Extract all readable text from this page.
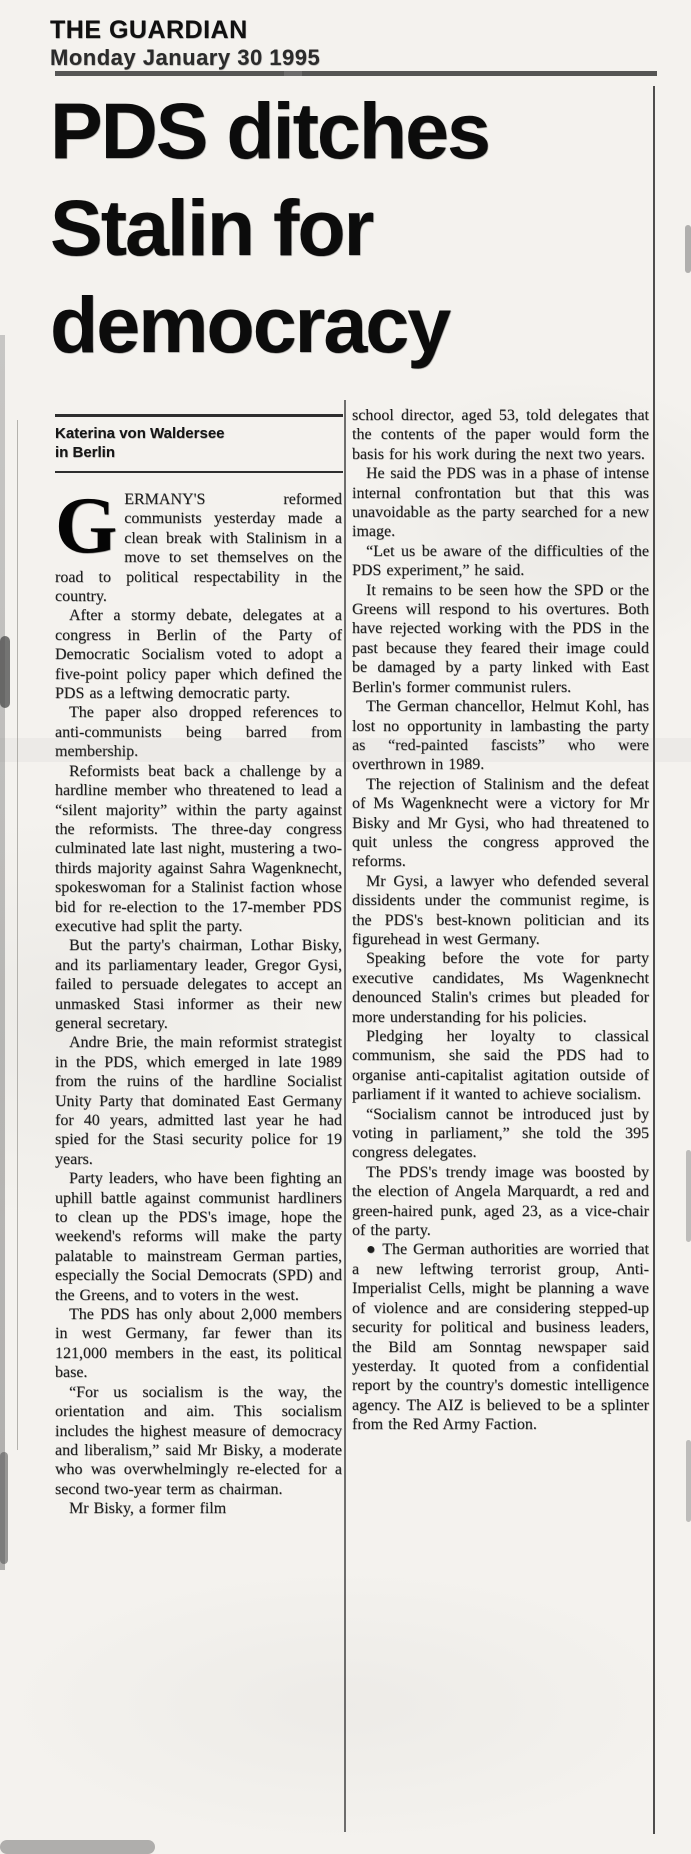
THE GUARDIAN
Monday January 30 1995
PDS ditches
Stalin for
democracy
Katerina von Waldersee
in Berlin

GERMANY'S reformed communists yesterday made a clean break with Stalinism in a move to set themselves on the road to political respectability in the country.

After a stormy debate, delegates at a congress in Berlin of the Party of Democratic Socialism voted to adopt a five-point policy paper which defined the PDS as a leftwing democratic party.

The paper also dropped references to anti-communists being barred from membership.

Reformists beat back a challenge by a hardline member who threatened to lead a “silent majority” within the party against the reformists. The three-day congress culminated late last night, mustering a two-thirds majority against Sahra Wagenknecht, spokeswoman for a Stalinist faction whose bid for re-election to the 17-member PDS executive had split the party.

But the party's chairman, Lothar Bisky, and its parliamentary leader, Gregor Gysi, failed to persuade delegates to accept an unmasked Stasi informer as their new general secretary.

Andre Brie, the main reformist strategist in the PDS, which emerged in late 1989 from the ruins of the hardline Socialist Unity Party that dominated East Germany for 40 years, admitted last year he had spied for the Stasi security police for 19 years.

Party leaders, who have been fighting an uphill battle against communist hardliners to clean up the PDS's image, hope the weekend's reforms will make the party palatable to mainstream German parties, especially the Social Democrats (SPD) and the Greens, and to voters in the west.

The PDS has only about 2,000 members in west Germany, far fewer than its 121,000 members in the east, its political base.

“For us socialism is the way, the orientation and aim. This socialism includes the highest measure of democracy and liberalism,” said Mr Bisky, a moderate who was overwhelmingly re-elected for a second two-year term as chairman.

Mr Bisky, a former film

school director, aged 53, told delegates that the contents of the paper would form the basis for his work during the next two years.

He said the PDS was in a phase of intense internal confrontation but that this was unavoidable as the party searched for a new image.

“Let us be aware of the difficulties of the PDS experiment,” he said.

It remains to be seen how the SPD or the Greens will respond to his overtures. Both have rejected working with the PDS in the past because they feared their image could be damaged by a party linked with East Berlin's former communist rulers.

The German chancellor, Helmut Kohl, has lost no opportunity in lambasting the party as “red-painted fascists” who were overthrown in 1989.

The rejection of Stalinism and the defeat of Ms Wagenknecht were a victory for Mr Bisky and Mr Gysi, who had threatened to quit unless the congress approved the reforms.

Mr Gysi, a lawyer who defended several dissidents under the communist regime, is the PDS's best-known politician and its figurehead in west Germany.

Speaking before the vote for party executive candidates, Ms Wagenknecht denounced Stalin's crimes but pleaded for more understanding for his policies.

Pledging her loyalty to classical communism, she said the PDS had to organise anti-capitalist agitation outside of parliament if it wanted to achieve socialism.

“Socialism cannot be introduced just by voting in parliament,” she told the 395 congress delegates.

The PDS's trendy image was boosted by the election of Angela Marquardt, a red and green-haired punk, aged 23, as a vice-chair of the party.

● The German authorities are worried that a new leftwing terrorist group, Anti-Imperialist Cells, might be planning a wave of violence and are considering stepped-up security for political and business leaders, the Bild am Sonntag newspaper said yesterday. It quoted from a confidential report by the country's domestic intelligence agency. The AIZ is believed to be a splinter from the Red Army Faction.
